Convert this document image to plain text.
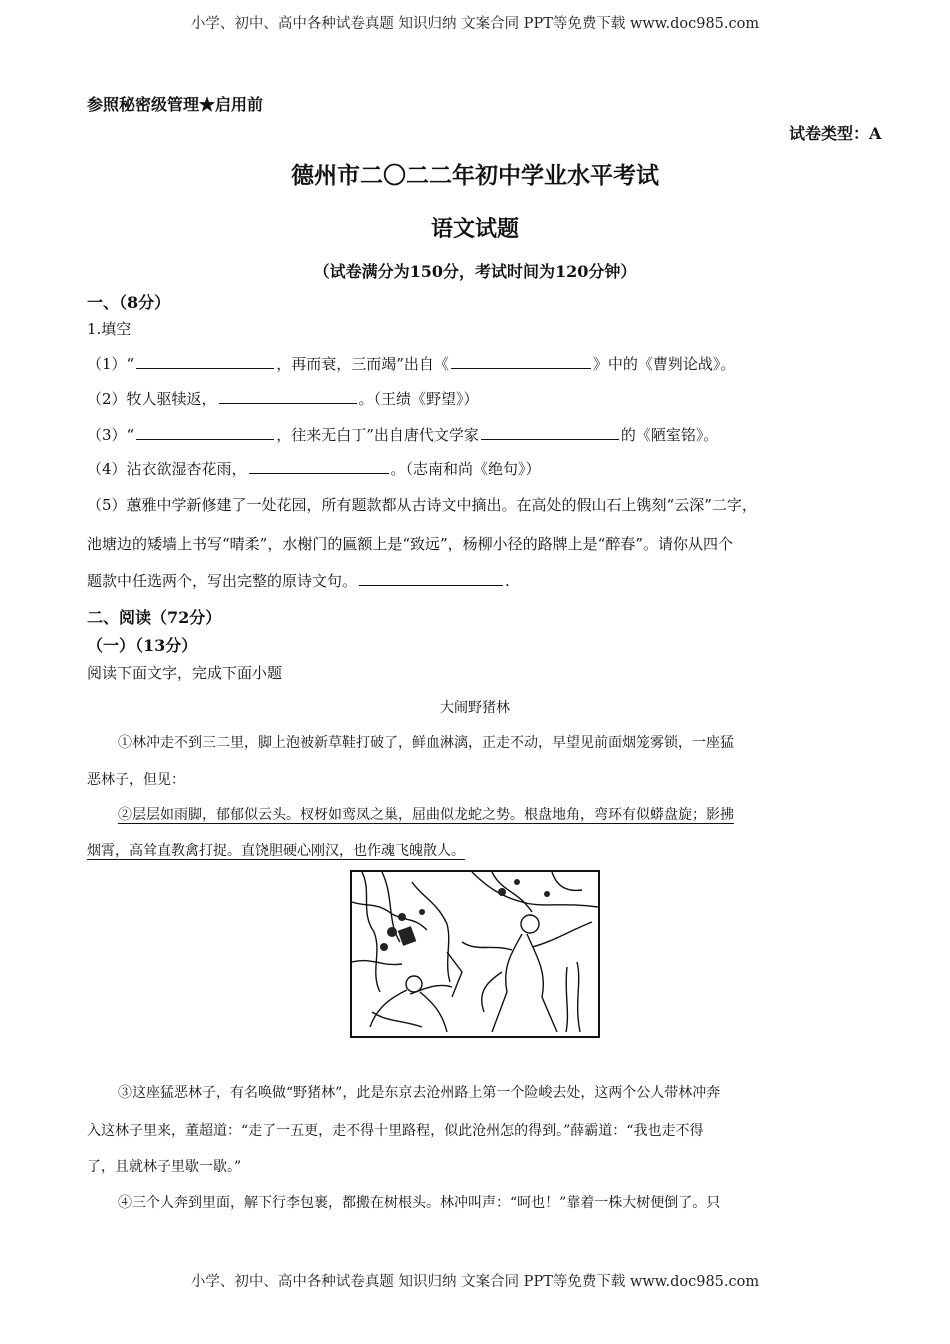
小学、初中、高中各种试卷真题 知识归纳 文案合同 PPT等免费下载 www.doc985.com
参照秘密级管理★启用前
试卷类型：A
德州市二〇二二年初中学业水平考试
语文试题
（试卷满分为150分，考试时间为120分钟）
一、（8分）
1.填空
（1）“	，再而衰，三而竭”出自《	》中的《曹刿论战》。
（2）牧人驱犊返，	。（王绩《野望》）
（3）“	，往来无白丁”出自唐代文学家	的《陋室铭》。
（4）沾衣欲湿杏花雨，	。（志南和尚《绝句》）
（5）蕙雅中学新修建了一处花园，所有题款都从古诗文中摘出。在高处的假山石上镌刻“云深”二字，
池塘边的矮墙上书写“晴柔”，水榭门的匾额上是“致远”，杨柳小径的路牌上是“醉春”。请你从四个
题款中任选两个，写出完整的原诗文句。	.
二、阅读（72分）
（一）（13分）
阅读下面文字，完成下面小题
大闹野猪林
①林冲走不到三二里，脚上泡被新草鞋打破了，鲜血淋漓，正走不动，早望见前面烟笼雾锁，一座猛
恶林子，但见：
②层层如雨脚，郁郁似云头。杈枒如鸾凤之巢，屈曲似龙蛇之势。根盘地角，弯环有似蟒盘旋；影拂
烟霄，高耸直教禽打捉。直饶胆硬心刚汉，也作魂飞魄散人。
③这座猛恶林子，有名唤做“野猪林”，此是东京去沧州路上第一个险峻去处，这两个公人带林冲奔
入这林子里来，董超道：“走了一五更，走不得十里路程，似此沧州怎的得到。”薛霸道：“我也走不得
了，且就林子里歇一歇。”
④三个人奔到里面，解下行李包裹，都搬在树根头。林冲叫声：“呵也！”靠着一株大树便倒了。只
小学、初中、高中各种试卷真题 知识归纳 文案合同 PPT等免费下载 www.doc985.com
